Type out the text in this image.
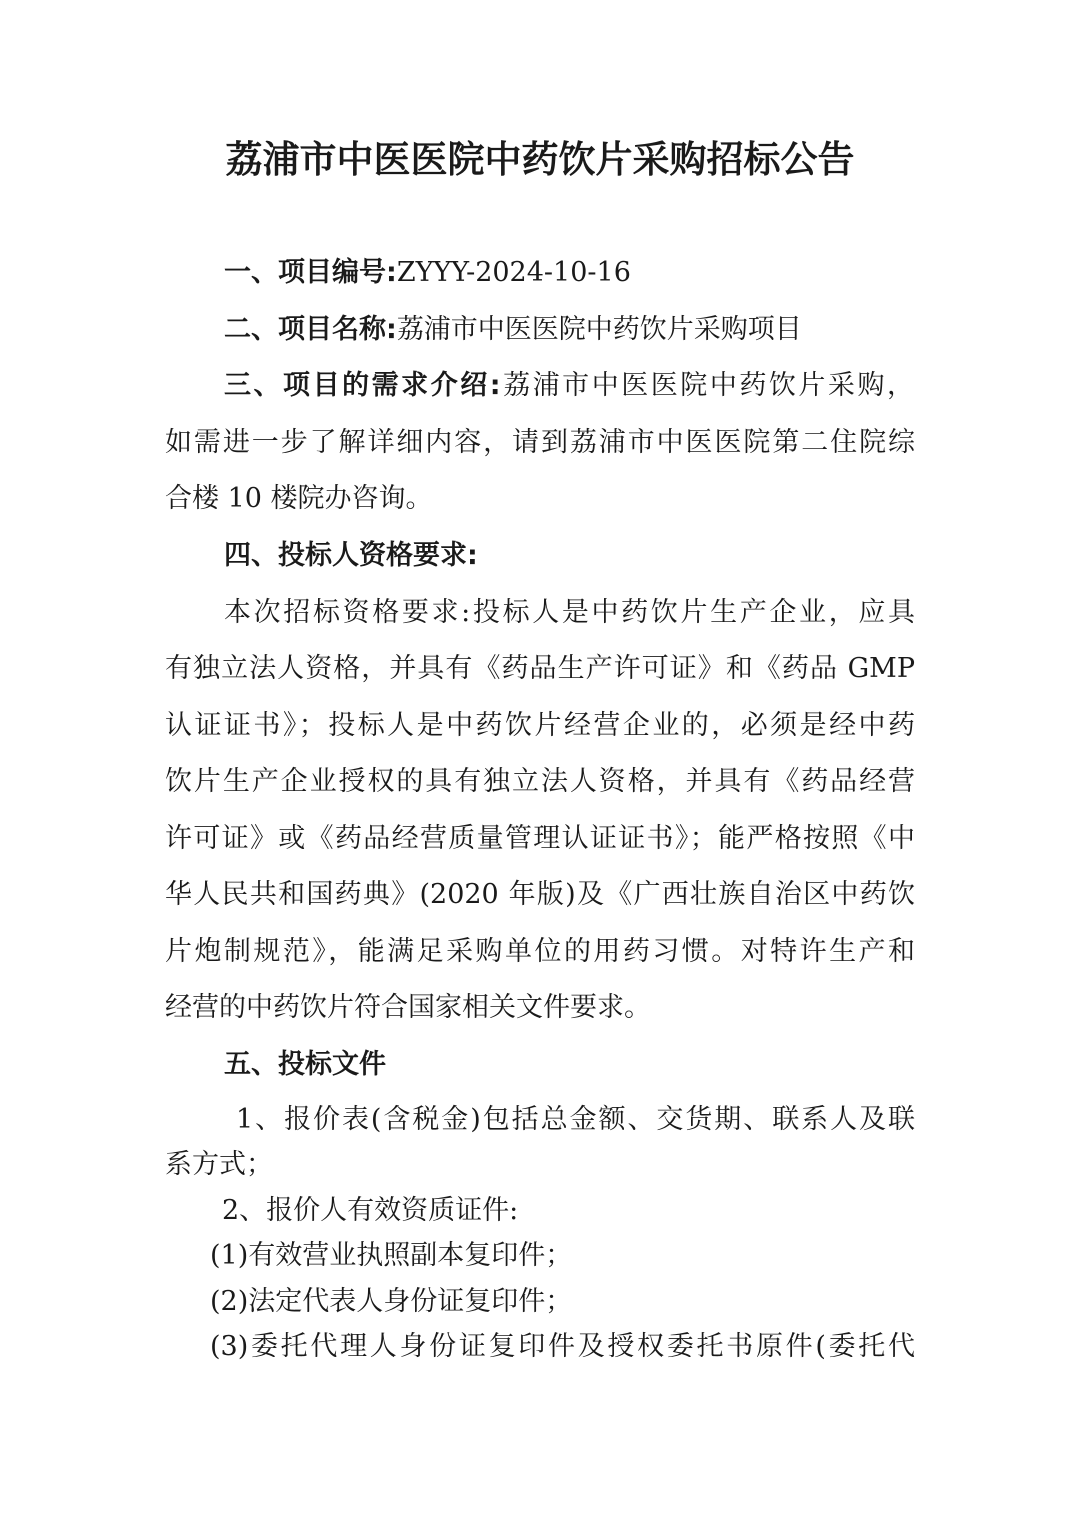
荔浦市中医医院中药饮片采购招标公告
一、项目编号:ZYYY-2024-10-16
二、项目名称:荔浦市中医医院中药饮片采购项目
三、项目的需求介绍:荔浦市中医医院中药饮片采购，
如需进一步了解详细内容，请到荔浦市中医医院第二住院综
合楼 10 楼院办咨询。
四、投标人资格要求:
本次招标资格要求:投标人是中药饮片生产企业，应具
有独立法人资格，并具有《药品生产许可证》和《药品 GMP
认证证书》；投标人是中药饮片经营企业的，必须是经中药
饮片生产企业授权的具有独立法人资格，并具有《药品经营
许可证》或《药品经营质量管理认证证书》；能严格按照《中
华人民共和国药典》(2020 年版)及《广西壮族自治区中药饮
片炮制规范》，能满足采购单位的用药习惯。对特许生产和
经营的中药饮片符合国家相关文件要求。
五、投标文件
1、报价表(含税金)包括总金额、交货期、联系人及联
系方式；
2、报价人有效资质证件:
(1)有效营业执照副本复印件；
(2)法定代表人身份证复印件；
(3)委托代理人身份证复印件及授权委托书原件(委托代
